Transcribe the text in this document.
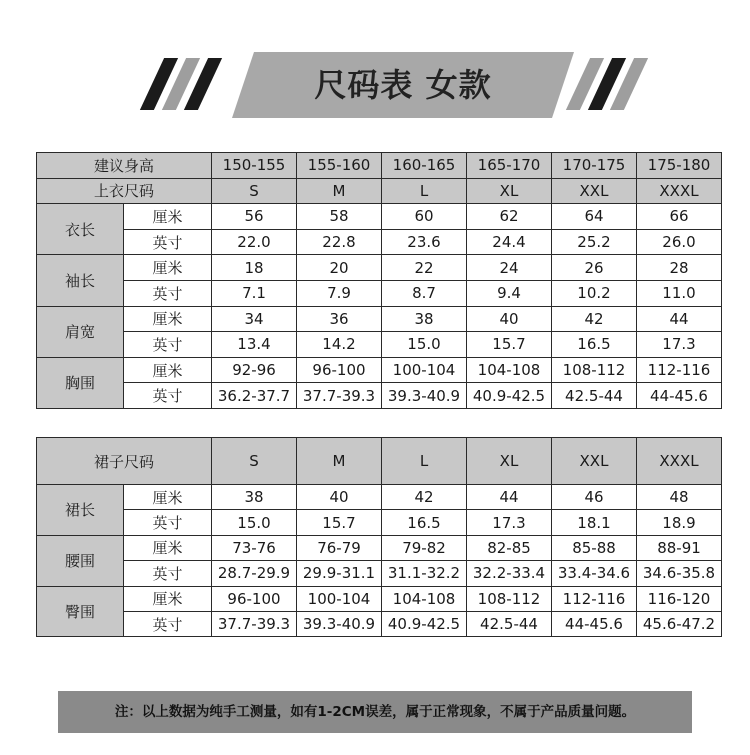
尺码表 女款
建议身高		150-155	155-160	160-165	165-170	170-175	175-180
上衣尺码		S	M	L	XL	XXL	XXXL
衣长	厘米	56	58	60	62	64	66
	英寸	22.0	22.8	23.6	24.4	25.2	26.0
袖长	厘米	18	20	22	24	26	28
	英寸	7.1	7.9	8.7	9.4	10.2	11.0
肩宽	厘米	34	36	38	40	42	44
	英寸	13.4	14.2	15.0	15.7	16.5	17.3
胸围	厘米	92-96	96-100	100-104	104-108	108-112	112-116
	英寸	36.2-37.7	37.7-39.3	39.3-40.9	40.9-42.5	42.5-44	44-45.6
裙子尺码		S	M	L	XL	XXL	XXXL
裙长	厘米	38	40	42	44	46	48
	英寸	15.0	15.7	16.5	17.3	18.1	18.9
腰围	厘米	73-76	76-79	79-82	82-85	85-88	88-91
	英寸	28.7-29.9	29.9-31.1	31.1-32.2	32.2-33.4	33.4-34.6	34.6-35.8
臀围	厘米	96-100	100-104	104-108	108-112	112-116	116-120
	英寸	37.7-39.3	39.3-40.9	40.9-42.5	42.5-44	44-45.6	45.6-47.2
注：以上数据为纯手工测量，如有1-2CM误差，属于正常现象，不属于产品质量问题。
